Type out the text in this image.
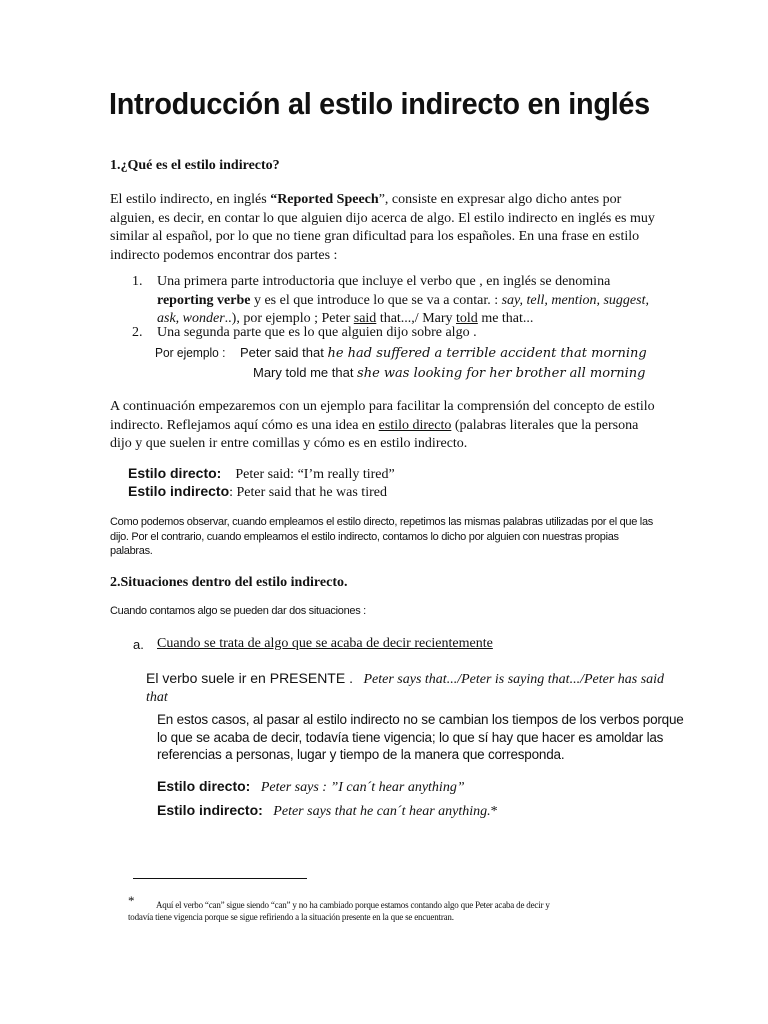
Introducción al estilo indirecto en inglés
1.¿Qué es el estilo indirecto?
El estilo indirecto, en inglés “Reported Speech”, consiste en expresar algo dicho antes por alguien, es decir, en contar lo que alguien dijo acerca de algo. El estilo indirecto en inglés es muy similar al español, por lo que no tiene gran dificultad para los españoles. En una frase en estilo indirecto podemos encontrar dos partes :
1. Una primera parte introductoria que incluye el verbo que , en inglés se denomina reporting verbe y es el que introduce lo que se va a contar. : say, tell, mention, suggest, ask, wonder..), por ejemplo ; Peter said that...,/ Mary told me that...
2. Una segunda parte que es lo que alguien dijo sobre algo .
Por ejemplo : Peter said that he had suffered a terrible accident that morning
Mary told me that she was looking for her brother all morning
A continuación empezaremos con un ejemplo para facilitar la comprensión del concepto de estilo indirecto. Reflejamos aquí cómo es una idea en estilo directo (palabras literales que la persona dijo y que suelen ir entre comillas y cómo es en estilo indirecto.
Estilo directo: Peter said: “I’m really tired”
Estilo indirecto: Peter said that he was tired
Como podemos observar, cuando empleamos el estilo directo, repetimos las mismas palabras utilizadas por el que las dijo. Por el contrario, cuando empleamos el estilo indirecto, contamos lo dicho por alguien con nuestras propias palabras.
2.Situaciones dentro del estilo indirecto.
Cuando contamos algo se pueden dar dos situaciones :
a. Cuando se trata de algo que se acaba de decir recientemente
El verbo suele ir en PRESENTE . Peter says that.../Peter is saying that.../Peter has said that
En estos casos, al pasar al estilo indirecto no se cambian los tiempos de los verbos porque lo que se acaba de decir, todavía tiene vigencia; lo que sí hay que hacer es amoldar las referencias a personas, lugar y tiempo de la manera que corresponda.
Estilo directo: Peter says : ”I can´t hear anything”
Estilo indirecto: Peter says that he can´t hear anything.*
* Aquí el verbo “can” sigue siendo “can” y no ha cambiado porque estamos contando algo que Peter acaba de decir y
todavía tiene vigencia porque se sigue refiriendo a la situación presente en la que se encuentran.
